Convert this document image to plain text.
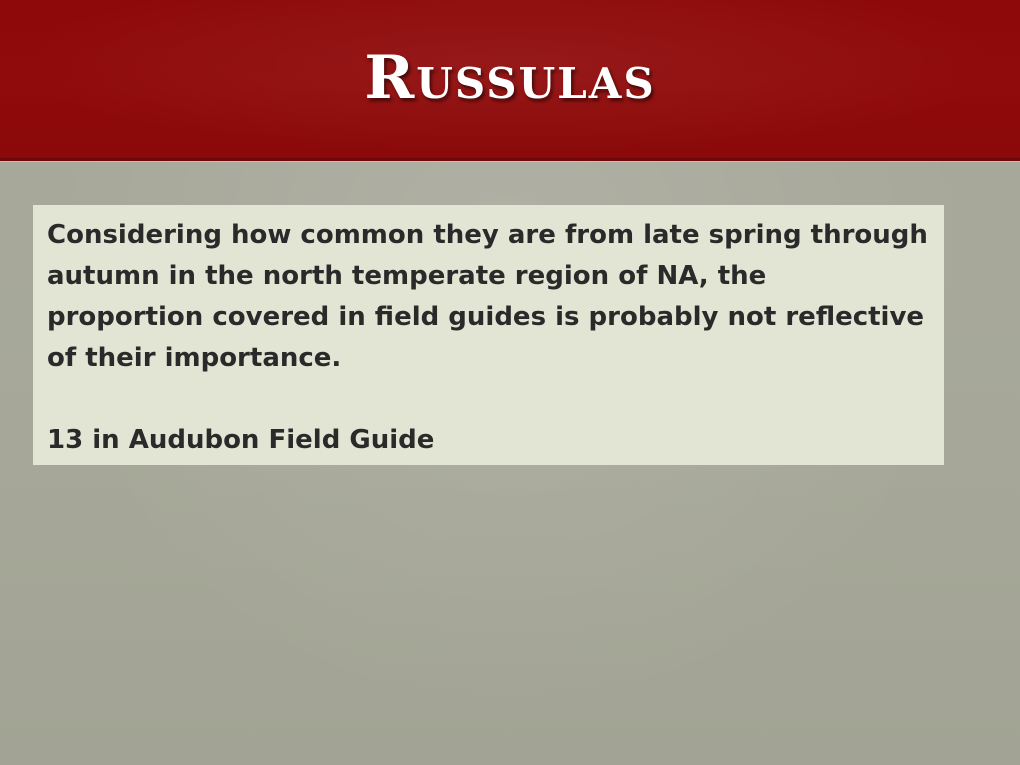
Russulas

Considering how common they are from late spring through autumn in the north temperate region of NA, the proportion covered in field guides is probably not reflective of their importance.

13 in Audubon Field Guide
